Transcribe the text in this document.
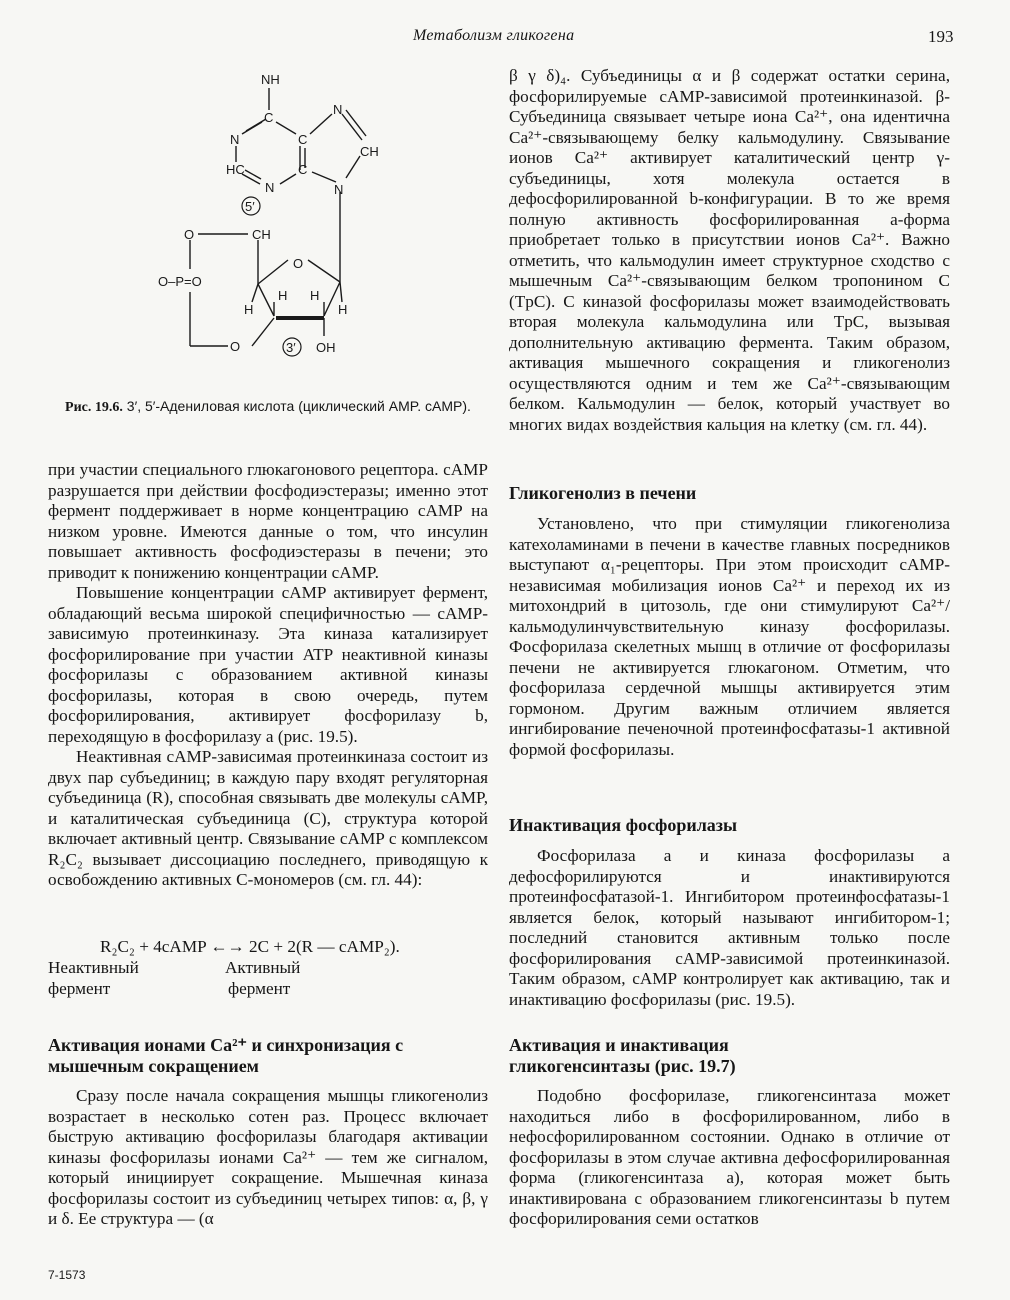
Метаболизм гликогена	193
NH
C
N	C
N
CH
HC
N
C
N
5′
O	CH
O
O–P=O
H H
H	H
O	3′ OH
Рис. 19.6. 3′, 5′-Адениловая кислота (циклический AMP. cAMP).

при участии специального глюкагонового рецептора. cAMP разрушается при действии фосфодиэстеразы; именно этот фермент поддерживает в норме концентрацию cAMP на низком уровне. Имеются данные о том, что инсулин повышает активность фосфодиэстеразы в печени; это приводит к понижению концентрации cAMP.

Повышение концентрации cAMP активирует фермент, обладающий весьма широкой специфичностью — cAMP-зависимую протеинкиназу. Эта киназа катализирует фосфорилирование при участии ATP неактивной киназы фосфорилазы с образованием активной киназы фосфорилазы, которая в свою очередь, путем фосфорилирования, активирует фосфорилазу b, переходящую в фосфорилазу a (рис. 19.5).

Неактивная cAMP-зависимая протеинкиназа состоит из двух пар субъединиц; в каждую пару входят регуляторная субъединица (R), способная связывать две молекулы cAMP, и каталитическая субъединица (C), структура которой включает активный центр. Связывание cAMP с комплексом R₂C₂ вызывает диссоциацию последнего, приводящую к освобождению активных C-мономеров (см. гл. 44):

R₂C₂ + 4cAMP ←→ 2C + 2(R — cAMP₂).
Неактивный
фермент
Активный
фермент
Активация ионами Ca²⁺ и синхронизация с мышечным сокращением

Сразу после начала сокращения мышцы гликогенолиз возрастает в несколько сотен раз. Процесс включает быструю активацию фосфорилазы благодаря активации киназы фосфорилазы ионами Ca²⁺ — тем же сигналом, который инициирует сокращение. Мышечная киназа фосфорилазы состоит из субъединиц четырех типов: α, β, γ и δ. Ее структура — (α

β γ δ)₄. Субъединицы α и β содержат остатки серина, фосфорилируемые cAMP-зависимой протеинкиназой. β-Субъединица связывает четыре иона Ca²⁺, она идентична Ca²⁺-связывающему белку кальмодулину. Связывание ионов Ca²⁺ активирует каталитический центр γ-субъединицы, хотя молекула остается в дефосфорилированной b-конфигурации. В то же время полную активность фосфорилированная a-форма приобретает только в присутствии ионов Ca²⁺. Важно отметить, что кальмодулин имеет структурное сходство с мышечным Ca²⁺-связывающим белком тропонином C (TpC). С киназой фосфорилазы может взаимодействовать вторая молекула кальмодулина или TpC, вызывая дополнительную активацию фермента. Таким образом, активация мышечного сокращения и гликогенолиз осуществляются одним и тем же Ca²⁺-связывающим белком. Кальмодулин — белок, который участвует во многих видах воздействия кальция на клетку (см. гл. 44).

Гликогенолиз в печени

Установлено, что при стимуляции гликогенолиза катехоламинами в печени в качестве главных посредников выступают α₁-рецепторы. При этом происходит cAMP-независимая мобилизация ионов Ca²⁺ и переход их из митохондрий в цитозоль, где они стимулируют Ca²⁺/кальмодулинчувствительную киназу фосфорилазы. Фосфорилаза скелетных мышц в отличие от фосфорилазы печени не активируется глюкагоном. Отметим, что фосфорилаза сердечной мышцы активируется этим гормоном. Другим важным отличием является ингибирование печеночной протеинфосфатазы-1 активной формой фосфорилазы.

Инактивация фосфорилазы

Фосфорилаза a и киназа фосфорилазы a дефосфорилируются и инактивируются протеинфосфатазой-1. Ингибитором протеинфосфатазы-1 является белок, который называют ингибитором-1; последний становится активным только после фосфорилирования cAMP-зависимой протеинкиназой. Таким образом, cAMP контролирует как активацию, так и инактивацию фосфорилазы (рис. 19.5).

Активация и инактивация
гликогенсинтазы (рис. 19.7)

Подобно фосфорилазе, гликогенсинтаза может находиться либо в фосфорилированном, либо в нефосфорилированном состоянии. Однако в отличие от фосфорилазы в этом случае активна дефосфорилированная форма (гликогенсинтаза a), которая может быть инактивирована с образованием гликогенсинтазы b путем фосфорилирования семи остатков

7-1573
